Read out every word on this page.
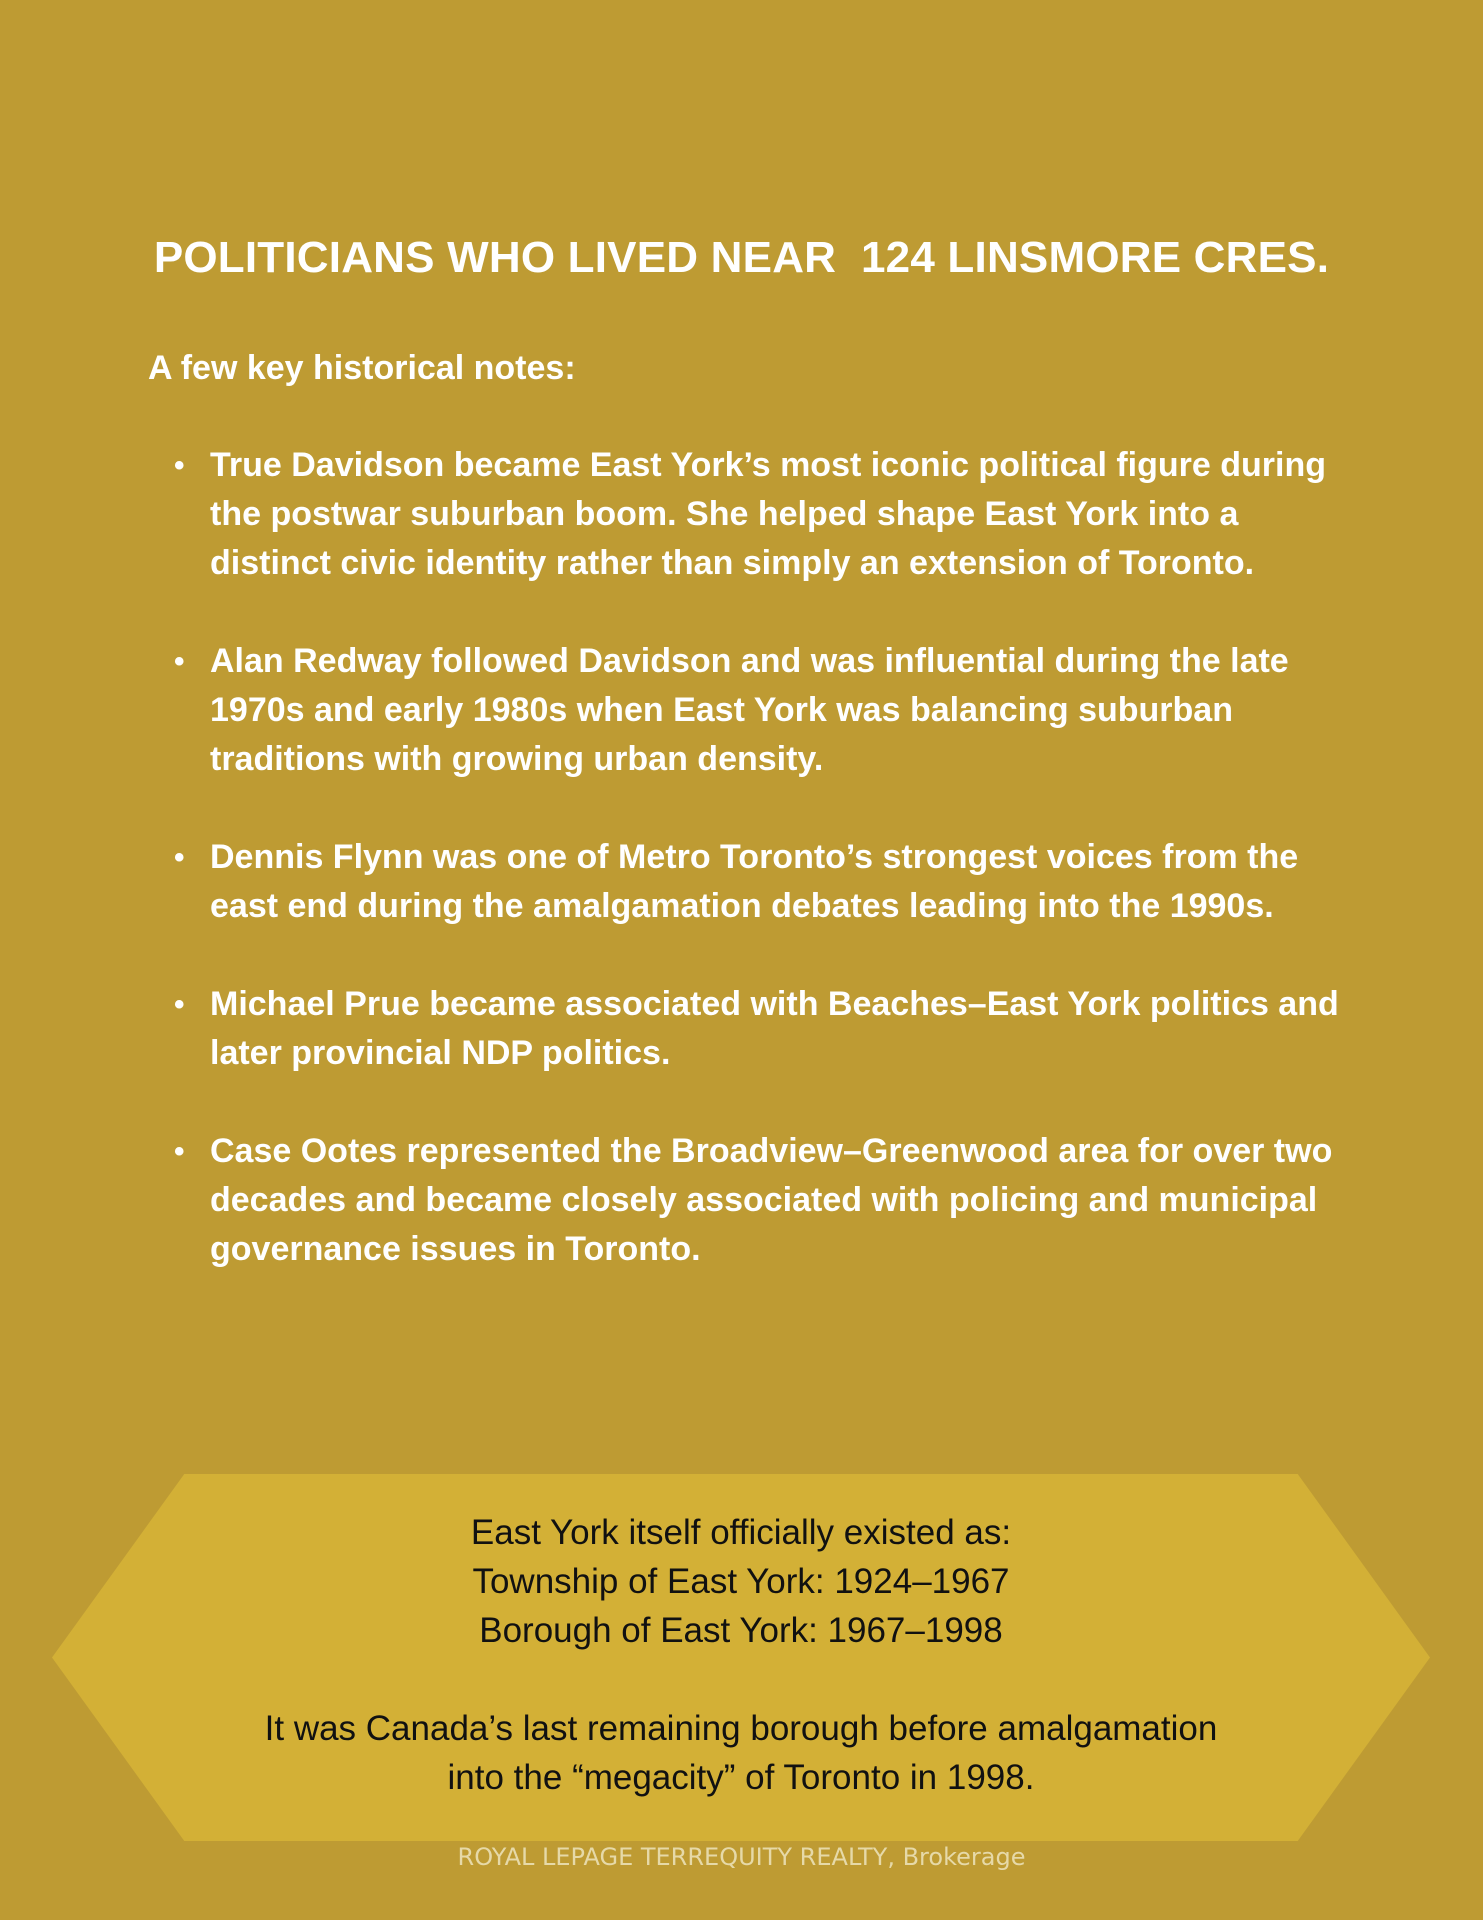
POLITICIANS WHO LIVED NEAR  124 LINSMORE CRES.
A few key historical notes:
• True Davidson became East York’s most iconic political figure during the postwar suburban boom. She helped shape East York into a distinct civic identity rather than simply an extension of Toronto.
• Alan Redway followed Davidson and was influential during the late 1970s and early 1980s when East York was balancing suburban traditions with growing urban density.
• Dennis Flynn was one of Metro Toronto’s strongest voices from the east end during the amalgamation debates leading into the 1990s.
• Michael Prue became associated with Beaches–East York politics and later provincial NDP politics.
• Case Ootes represented the Broadview–Greenwood area for over two decades and became closely associated with policing and municipal governance issues in Toronto.
East York itself officially existed as:
Township of East York: 1924–1967
Borough of East York: 1967–1998
It was Canada’s last remaining borough before amalgamation
into the “megacity” of Toronto in 1998.
ROYAL LEPAGE TERREQUITY REALTY, Brokerage
